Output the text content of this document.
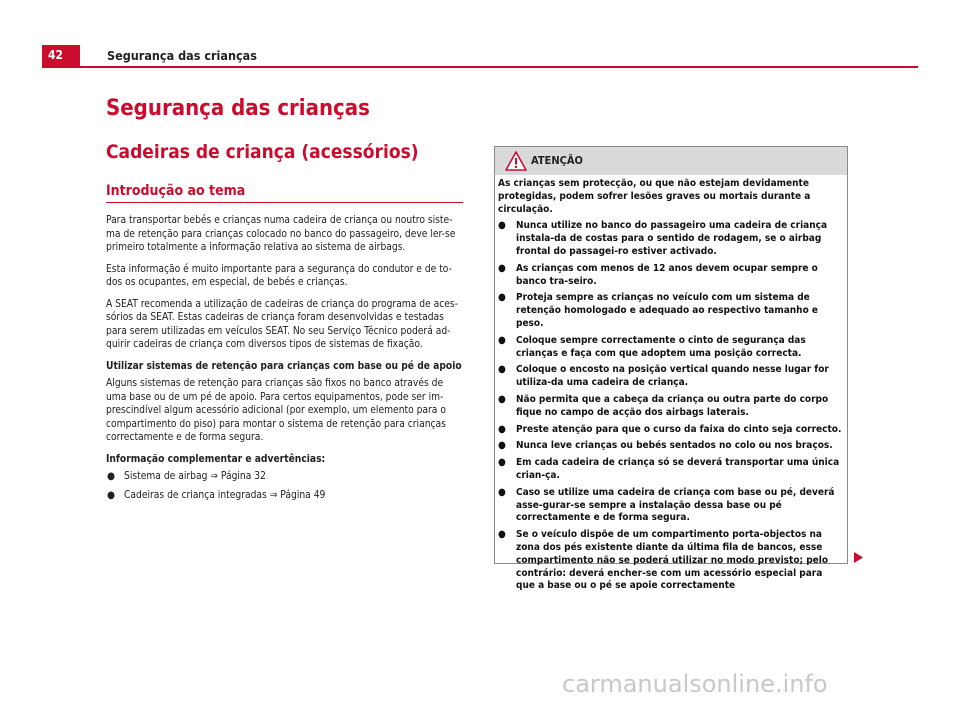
42	Segurança das crianças
Segurança das crianças
Cadeiras de criança (acessórios)
Introdução ao tema

Para transportar bebés e crianças numa cadeira de criança ou noutro siste-ma de retenção para crianças colocado no banco do passageiro, deve ler-se primeiro totalmente a informação relativa ao sistema de airbags.

Esta informação é muito importante para a segurança do condutor e de to-dos os ocupantes, em especial, de bebés e crianças.

A SEAT recomenda a utilização de cadeiras de criança do programa de aces-sórios da SEAT. Estas cadeiras de criança foram desenvolvidas e testadas para serem utilizadas em veículos SEAT. No seu Serviço Técnico poderá ad-quirir cadeiras de criança com diversos tipos de sistemas de fixação.

Utilizar sistemas de retenção para crianças com base ou pé de apoio

Alguns sistemas de retenção para crianças são fixos no banco através de uma base ou de um pé de apoio. Para certos equipamentos, pode ser im-prescindível algum acessório adicional (por exemplo, um elemento para o compartimento do piso) para montar o sistema de retenção para crianças correctamente e de forma segura.

Informação complementar e advertências:

● Sistema de airbag ⇒ Página 32
● Cadeiras de criança integradas ⇒ Página 49
ATENÇÃO

As crianças sem protecção, ou que não estejam devidamente protegidas, podem sofrer lesões graves ou mortais durante a circulação.

● Nunca utilize no banco do passageiro uma cadeira de criança instala-da de costas para o sentido de rodagem, se o airbag frontal do passagei-ro estiver activado.
● As crianças com menos de 12 anos devem ocupar sempre o banco tra-seiro.
● Proteja sempre as crianças no veículo com um sistema de retenção homologado e adequado ao respectivo tamanho e peso.
● Coloque sempre correctamente o cinto de segurança das crianças e faça com que adoptem uma posição correcta.
● Coloque o encosto na posição vertical quando nesse lugar for utiliza-da uma cadeira de criança.
● Não permita que a cabeça da criança ou outra parte do corpo fique no campo de acção dos airbags laterais.
● Preste atenção para que o curso da faixa do cinto seja correcto.
● Nunca leve crianças ou bebés sentados no colo ou nos braços.
● Em cada cadeira de criança só se deverá transportar uma única crian-ça.
● Caso se utilize uma cadeira de criança com base ou pé, deverá asse-gurar-se sempre a instalação dessa base ou pé correctamente e de forma segura.
● Se o veículo dispõe de um compartimento porta-objectos na zona dos pés existente diante da última fila de bancos, esse compartimento não se poderá utilizar no modo previsto; pelo contrário: deverá encher-se com um acessório especial para que a base ou o pé se apoie correctamente
carmanualsonline.info
